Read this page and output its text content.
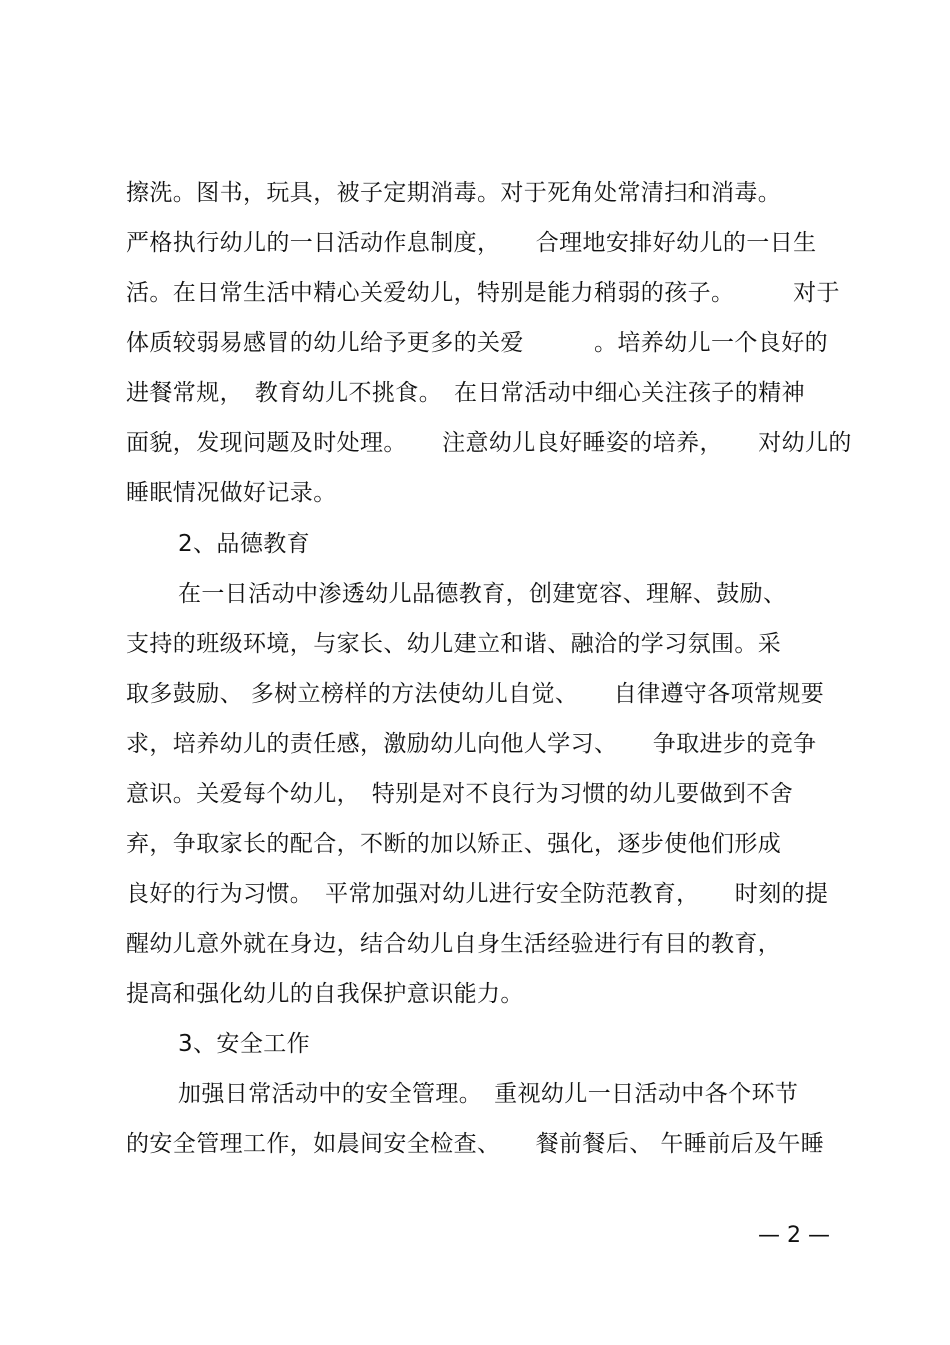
擦洗。图书，玩具，被子定期消毒。对于死角处常清扫和消毒。
严格执行幼儿的一日活动作息制度，　　合理地安排好幼儿的一日生
活。在日常生活中精心关爱幼儿，特别是能力稍弱的孩子。　　　对于
体质较弱易感冒的幼儿给予更多的关爱　　　。培养幼儿一个良好的
进餐常规，　教育幼儿不挑食。　在日常活动中细心关注孩子的精神
面貌，发现问题及时处理。　　注意幼儿良好睡姿的培养，　　对幼儿的
睡眠情况做好记录。
2、品德教育
在一日活动中渗透幼儿品德教育，创建宽容、理解、鼓励、
支持的班级环境，与家长、幼儿建立和谐、融洽的学习氛围。采
取多鼓励、 多树立榜样的方法使幼儿自觉、　　自律遵守各项常规要
求，培养幼儿的责任感，激励幼儿向他人学习、　　争取进步的竞争
意识。关爱每个幼儿，　特别是对不良行为习惯的幼儿要做到不舍
弃，争取家长的配合，不断的加以矫正、强化，逐步使他们形成
良好的行为习惯。　平常加强对幼儿进行安全防范教育，　　时刻的提
醒幼儿意外就在身边，结合幼儿自身生活经验进行有目的教育，
提高和强化幼儿的自我保护意识能力。
3、安全工作
加强日常活动中的安全管理。　重视幼儿一日活动中各个环节
的安全管理工作，如晨间安全检查、　　餐前餐后、 午睡前后及午睡
— 2 —
